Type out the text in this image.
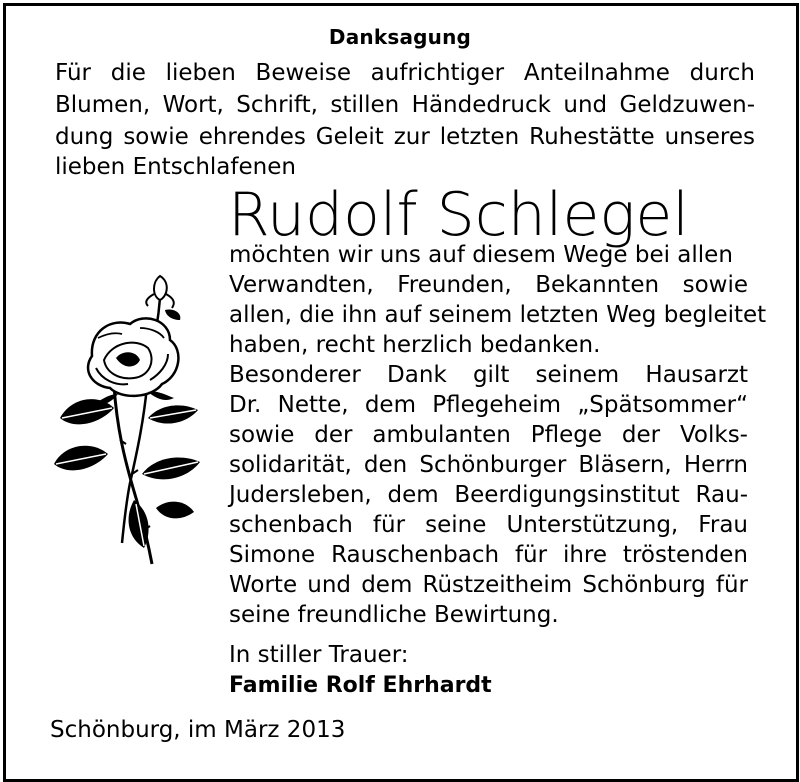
Danksagung
Für die lieben Beweise aufrichtiger Anteilnahme durch
Blumen, Wort, Schrift, stillen Händedruck und Geldzuwen-
dung sowie ehrendes Geleit zur letzten Ruhestätte unseres
lieben Entschlafenen
Rudolf Schlegel
möchten wir uns auf diesem Wege bei allen
Verwandten, Freunden, Bekannten sowie
allen, die ihn auf seinem letzten Weg begleitet
haben, recht herzlich bedanken.
Besonderer Dank gilt seinem Hausarzt
Dr. Nette, dem Pflegeheim „Spätsommer“
sowie der ambulanten Pflege der Volks-
solidarität, den Schönburger Bläsern, Herrn
Judersleben, dem Beerdigungsinstitut Rau-
schenbach für seine Unterstützung, Frau
Simone Rauschenbach für ihre tröstenden
Worte und dem Rüstzeitheim Schönburg für
seine freundliche Bewirtung.
In stiller Trauer:
Familie Rolf Ehrhardt
Schönburg, im März 2013
